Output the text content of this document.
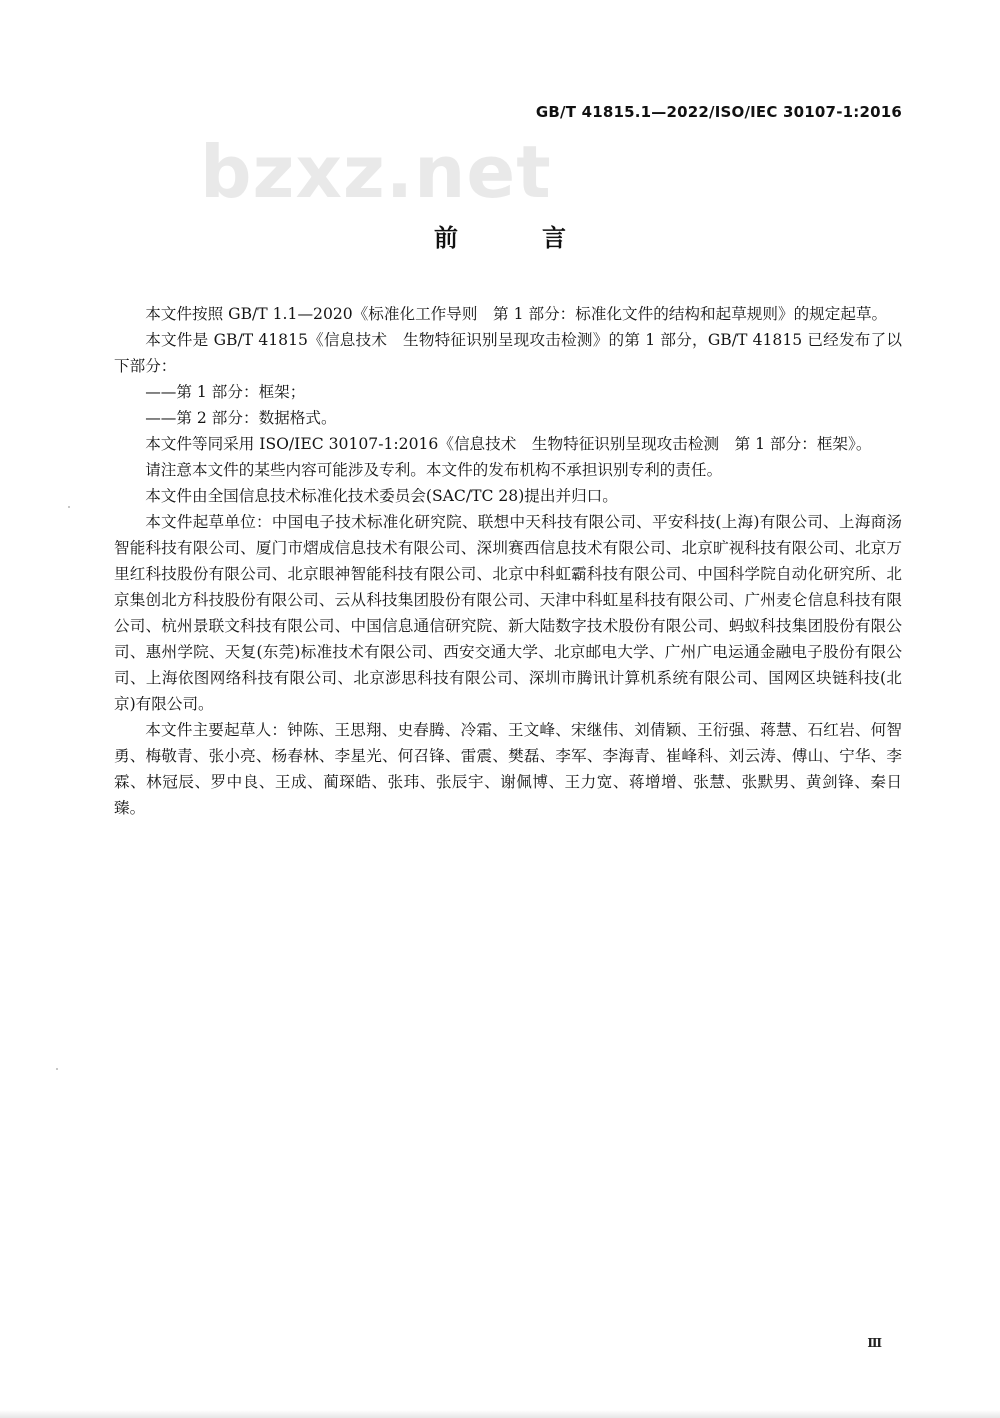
bzxz.net
GB/T 41815.1—2022/ISO/IEC 30107-1:2016
前　言

本文件按照 GB/T 1.1—2020《标准化工作导则　第 1 部分：标准化文件的结构和起草规则》的规定起草。

本文件是 GB/T 41815《信息技术　生物特征识别呈现攻击检测》的第 1 部分，GB/T 41815 已经发布了以下部分：

——第 1 部分：框架；

——第 2 部分：数据格式。

本文件等同采用 ISO/IEC 30107-1:2016《信息技术　生物特征识别呈现攻击检测　第 1 部分：框架》。

请注意本文件的某些内容可能涉及专利。本文件的发布机构不承担识别专利的责任。

本文件由全国信息技术标准化技术委员会(SAC/TC 28)提出并归口。

本文件起草单位：中国电子技术标准化研究院、联想中天科技有限公司、平安科技(上海)有限公司、上海商汤智能科技有限公司、厦门市熠成信息技术有限公司、深圳赛西信息技术有限公司、北京旷视科技有限公司、北京万里红科技股份有限公司、北京眼神智能科技有限公司、北京中科虹霸科技有限公司、中国科学院自动化研究所、北京集创北方科技股份有限公司、云从科技集团股份有限公司、天津中科虹星科技有限公司、广州麦仑信息科技有限公司、杭州景联文科技有限公司、中国信息通信研究院、新大陆数字技术股份有限公司、蚂蚁科技集团股份有限公司、惠州学院、天复(东莞)标准技术有限公司、西安交通大学、北京邮电大学、广州广电运通金融电子股份有限公司、上海依图网络科技有限公司、北京澎思科技有限公司、深圳市腾讯计算机系统有限公司、国网区块链科技(北京)有限公司。

本文件主要起草人：钟陈、王思翔、史春腾、冷霜、王文峰、宋继伟、刘倩颖、王衍强、蒋慧、石红岩、何智勇、梅敬青、张小亮、杨春林、李星光、何召锋、雷震、樊磊、李军、李海青、崔峰科、刘云涛、傅山、宁华、李霖、林冠辰、罗中良、王成、蔺琛皓、张玮、张辰宇、谢佩博、王力宽、蒋增增、张慧、张默男、黄剑锋、秦日臻。

Ⅲ
